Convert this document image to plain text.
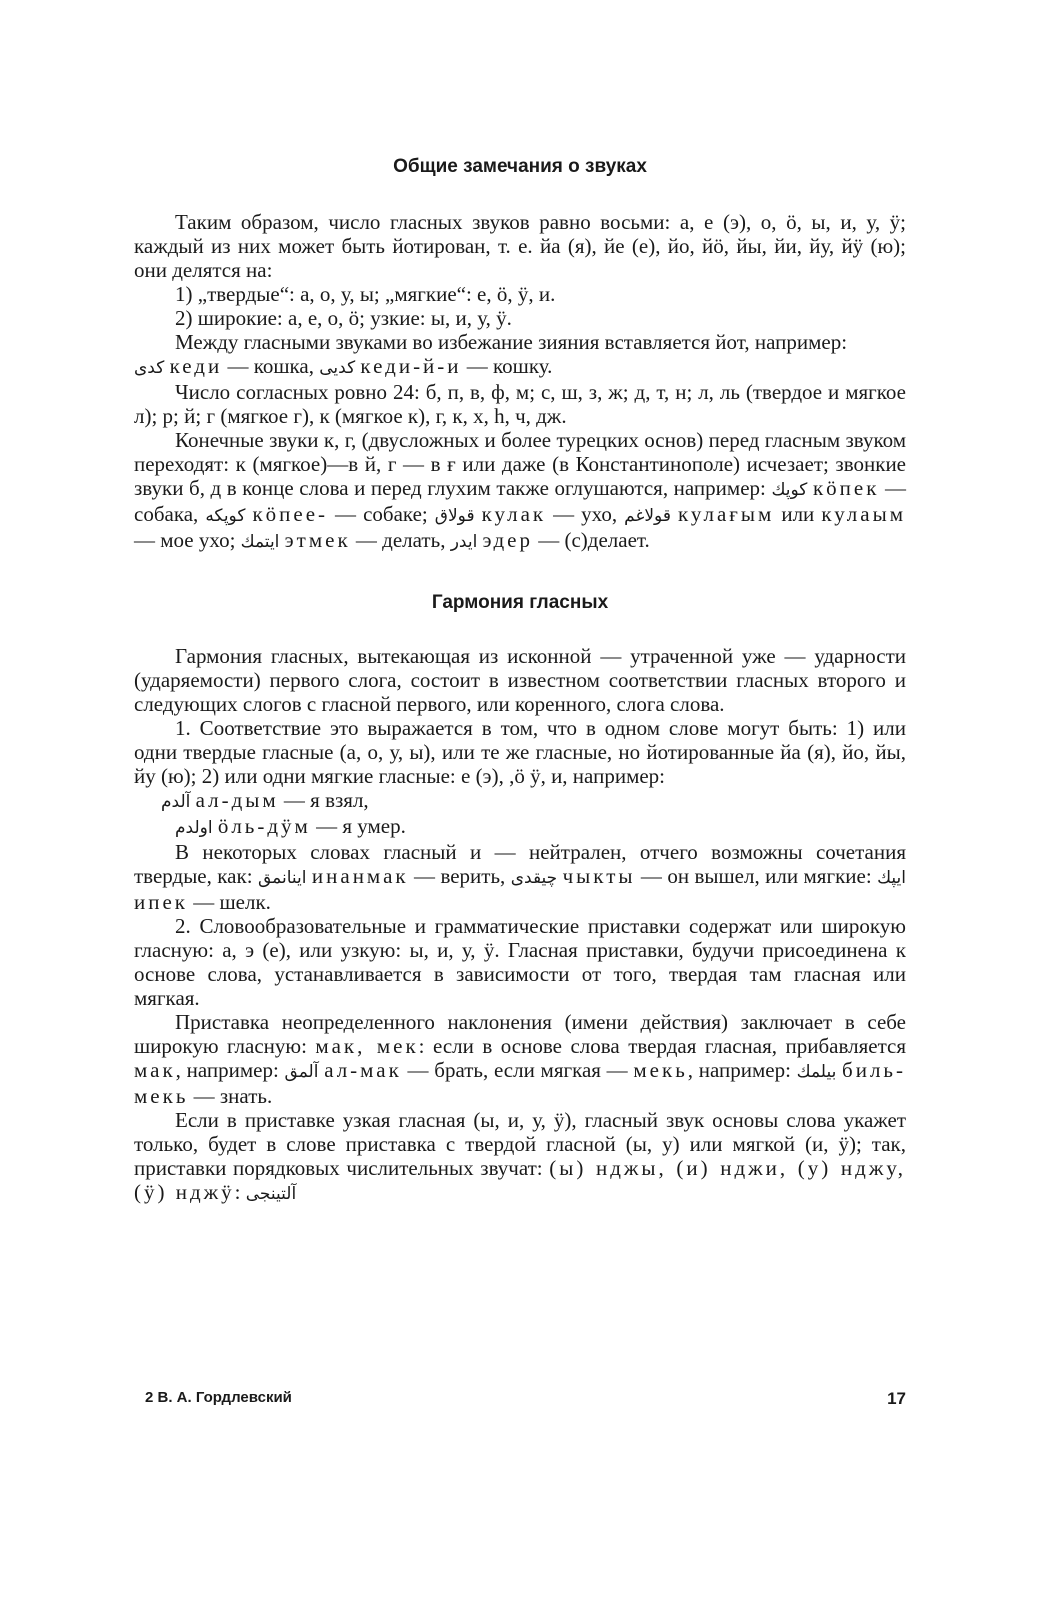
Общие замечания о звуках

Таким образом, число гласных звуков равно восьми: а, е (э), о, ӧ, ы, и, у, ӱ; каждый из них может быть йотирован, т. е. йа (я), йе (е), йо, йӧ, йы, йи, йу, йӱ (ю); они делятся на:

1) „твердые“: а, о, у, ы; „мягкие“: е, ӧ, ӱ, и.

2) широкие: а, е, о, ӧ; узкие: ы, и, у, ӱ.

Между гласными звуками во избежание зияния вставляется йот, например:

كدى кеди — кошка, كديى кеди-й-и — кошку.

Число согласных ровно 24: б, п, в, ф, м; с, ш, з, ж; д, т, н; л, ль (твердое и мягкое л); р; й; г (мягкое г), к (мягкое к), г, к, х, һ, ч, дж.

Конечные звуки к, г, (двусложных и более турецких основ) перед гласным звуком переходят: к (мягкое)—в й, г — в ғ или даже (в Константинополе) исчезает; звонкие звуки б, д в конце слова и перед глухим также оглушаются, например: كوپك кӧпек — собака, كوپكه кӧпее- — собаке; قولاق кулак — ухо, قولاغم кулағым или кулаым — мое ухо; ايتمك этмек — делать, ايدر эдер — (с)делает.

Гармония гласных

Гармония гласных, вытекающая из исконной — утраченной уже — ударности (ударяемости) первого слога, состоит в известном соответствии гласных второго и следующих слогов с гласной первого, или коренного, слога слова.

1. Соответствие это выражается в том, что в одном слове могут быть: 1) или одни твердые гласные (а, о, у, ы), или те же гласные, но йотированные йа (я), йо, йы, йу (ю); 2) или одни мягкие гласные: е (э), ,ӧ ӱ, и, например:

آلدم ал-дым — я взял,

اولدم ӧль-дӱм — я умер.

В некоторых словах гласный и — нейтрален, отчего возможны сочетания твердые, как: اينانمق инанмак — верить, چيقدى чыкты — он вышел, или мягкие: ايپك ипек — шелк.

2. Словообразовательные и грамматические приставки содержат или широкую гласную: а, э (е), или узкую: ы, и, у, ӱ. Гласная приставки, будучи присоединена к основе слова, устанавливается в зависимости от того, твердая там гласная или мягкая.

Приставка неопределенного наклонения (имени действия) заключает в себе широкую гласную: мак, мек: если в основе слова твердая гласная, прибавляется мак, например: آلمق ал-мак — брать, если мягкая — мекь, например: بيلمك биль-мекь — знать.

Если в приставке узкая гласная (ы, и, у, ӱ), гласный звук основы слова укажет только, будет в слове приставка с твердой гласной (ы, у) или мягкой (и, ӱ); так, приставки порядковых числительных звучат: (ы) нджы, (и) нджи, (у) нджу, (ӱ) нджӱ: آلتينجى

2 В. А. Гордлевский	17
